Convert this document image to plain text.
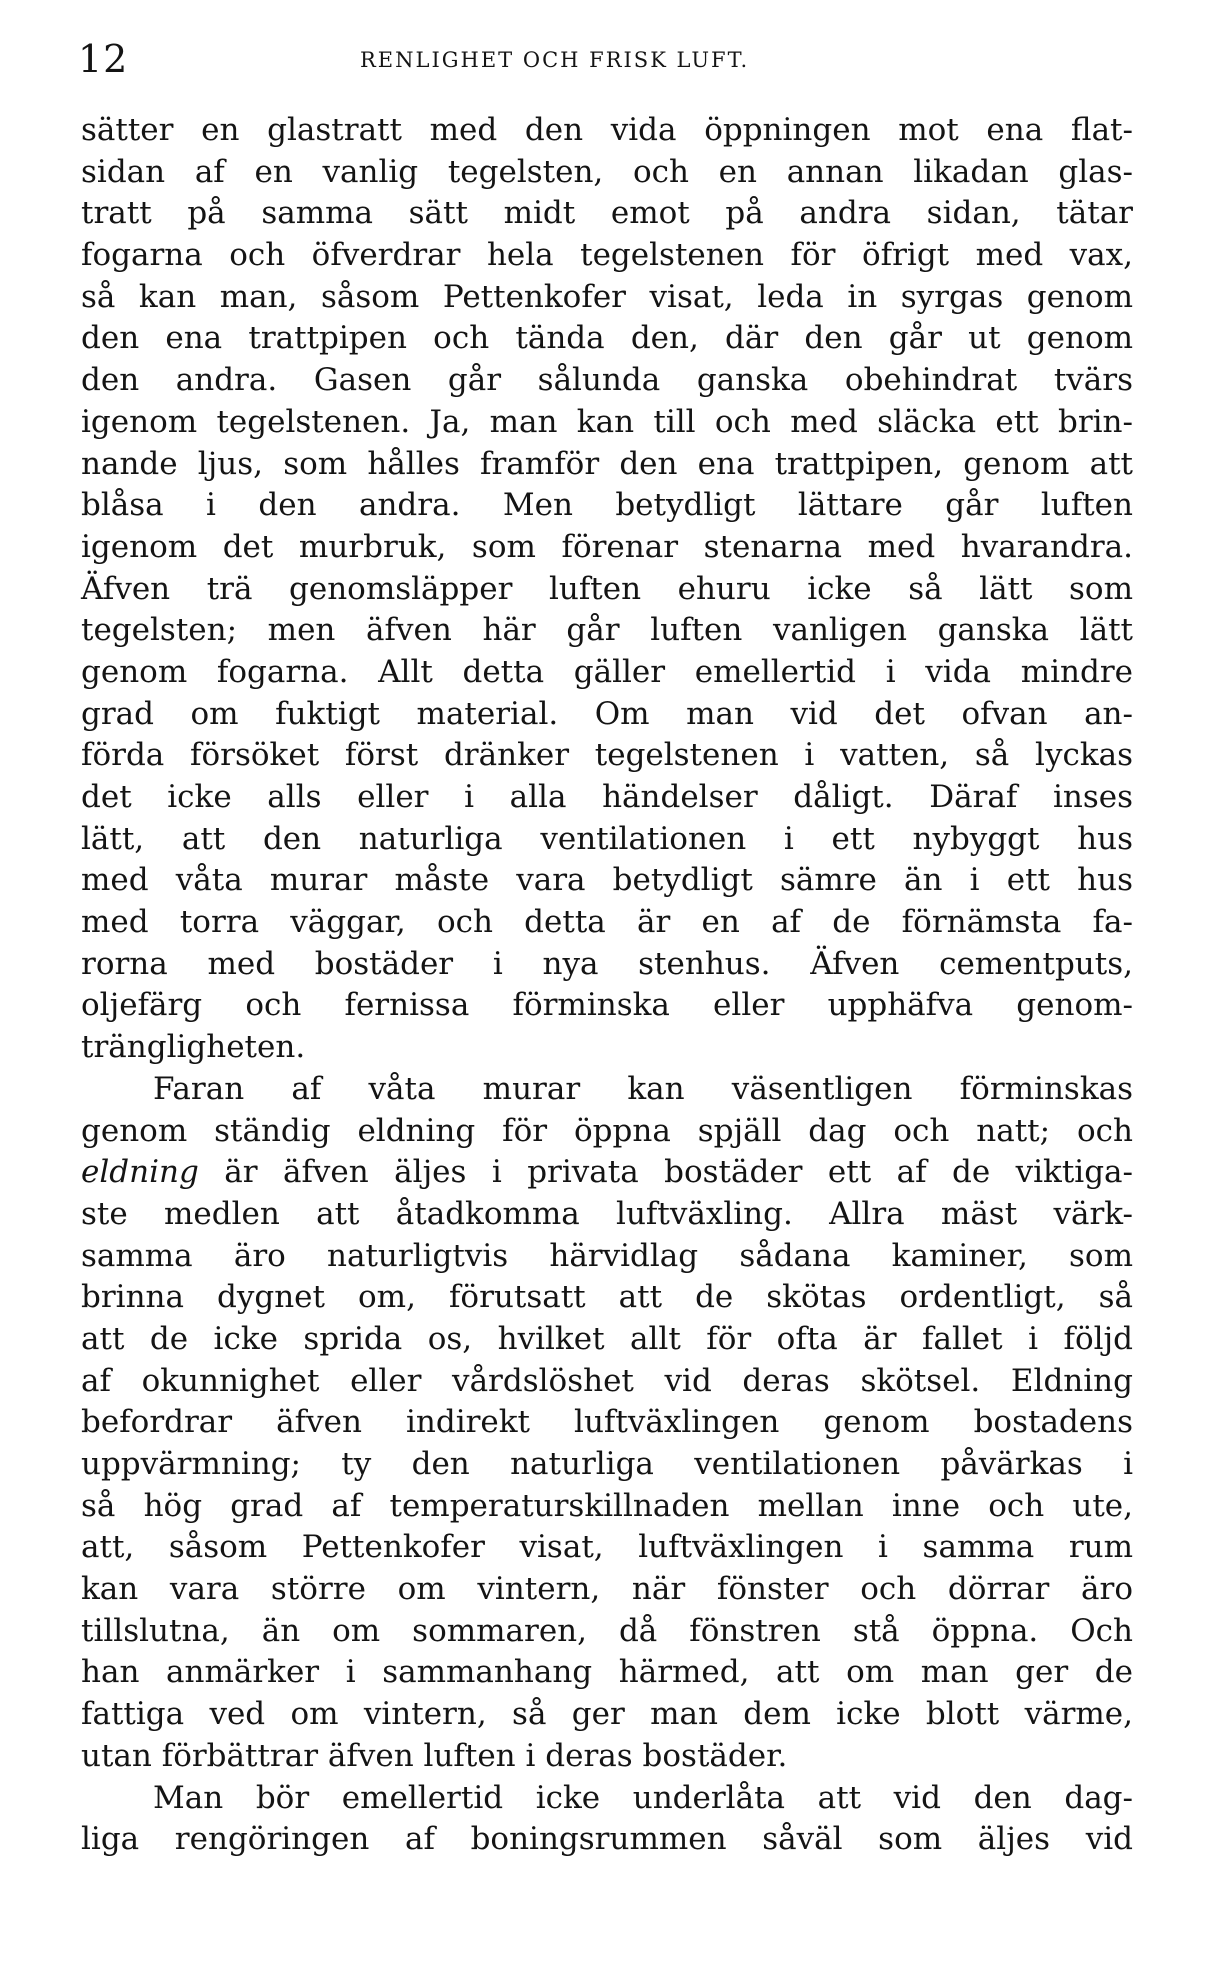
12	RENLIGHET OCH FRISK LUFT.
sätter en glastratt med den vida öppningen mot ena flat-
sidan af en vanlig tegelsten, och en annan likadan glas-
tratt på samma sätt midt emot på andra sidan, tätar
fogarna och öfverdrar hela tegelstenen för öfrigt med vax,
så kan man, såsom Pettenkofer visat, leda in syrgas genom
den ena trattpipen och tända den, där den går ut genom
den andra. Gasen går sålunda ganska obehindrat tvärs
igenom tegelstenen. Ja, man kan till och med släcka ett brin-
nande ljus, som hålles framför den ena trattpipen, genom att
blåsa i den andra. Men betydligt lättare går luften
igenom det murbruk, som förenar stenarna med hvarandra.
Äfven trä genomsläpper luften ehuru icke så lätt som
tegelsten; men äfven här går luften vanligen ganska lätt
genom fogarna. Allt detta gäller emellertid i vida mindre
grad om fuktigt material. Om man vid det ofvan an-
förda försöket först dränker tegelstenen i vatten, så lyckas
det icke alls eller i alla händelser dåligt. Däraf inses
lätt, att den naturliga ventilationen i ett nybyggt hus
med våta murar måste vara betydligt sämre än i ett hus
med torra väggar, och detta är en af de förnämsta fa-
rorna med bostäder i nya stenhus. Äfven cementputs,
oljefärg och fernissa förminska eller upphäfva genom-
trängligheten.
Faran af våta murar kan väsentligen förminskas
genom ständig eldning för öppna spjäll dag och natt; och
eldning är äfven äljes i privata bostäder ett af de viktiga-
ste medlen att åtadkomma luftväxling. Allra mäst värk-
samma äro naturligtvis härvidlag sådana kaminer, som
brinna dygnet om, förutsatt att de skötas ordentligt, så
att de icke sprida os, hvilket allt för ofta är fallet i följd
af okunnighet eller vårdslöshet vid deras skötsel. Eldning
befordrar äfven indirekt luftväxlingen genom bostadens
uppvärmning; ty den naturliga ventilationen påvärkas i
så hög grad af temperaturskillnaden mellan inne och ute,
att, såsom Pettenkofer visat, luftväxlingen i samma rum
kan vara större om vintern, när fönster och dörrar äro
tillslutna, än om sommaren, då fönstren stå öppna. Och
han anmärker i sammanhang härmed, att om man ger de
fattiga ved om vintern, så ger man dem icke blott värme,
utan förbättrar äfven luften i deras bostäder.
Man bör emellertid icke underlåta att vid den dag-
liga rengöringen af boningsrummen såväl som äljes vid
